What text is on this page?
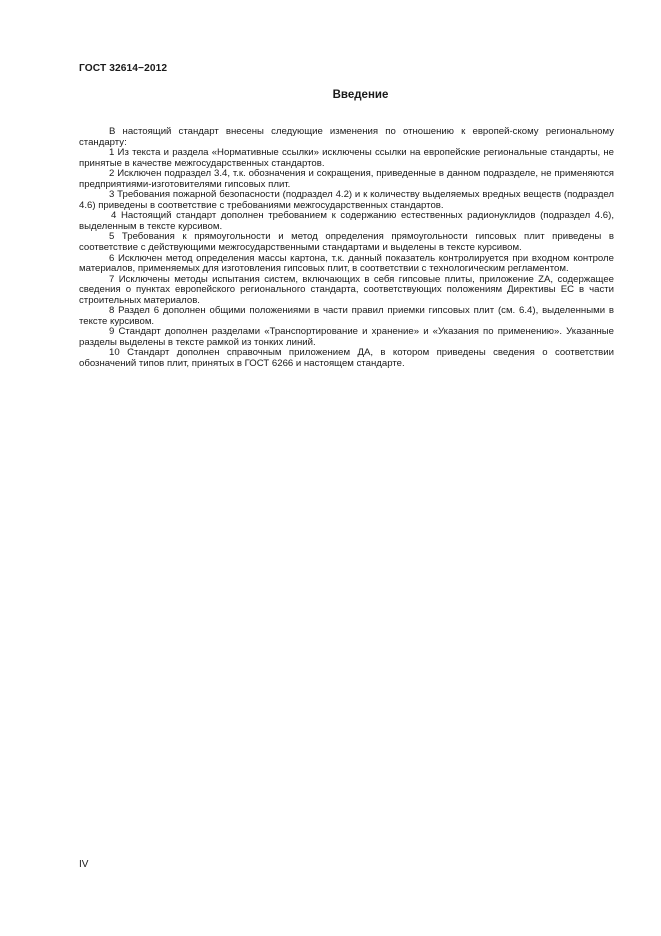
ГОСТ 32614−2012
Введение

В настоящий стандарт внесены следующие изменения по отношению к европей-скому региональному стандарту:

1 Из текста и раздела «Нормативные ссылки» исключены ссылки на европейские региональные стандарты, не принятые в качестве межгосударственных стандартов.

2 Исключен подраздел 3.4, т.к. обозначения и сокращения, приведенные в данном подразделе, не применяются предприятиями-изготовителями гипсовых плит.

3 Требования пожарной безопасности (подраздел 4.2) и к количеству выделяемых вредных веществ (подраздел 4.6) приведены в соответствие с требованиями межгосударственных стандартов.

4 Настоящий стандарт дополнен требованием к содержанию естественных радионуклидов (подраздел 4.6), выделенным в тексте курсивом.

5 Требования к прямоугольности и метод определения прямоугольности гипсовых плит приведены в соответствие с действующими межгосударственными стандартами и выделены в тексте курсивом.

6 Исключен метод определения массы картона, т.к. данный показатель контролируется при входном контроле материалов, применяемых для изготовления гипсовых плит, в соответствии с технологическим регламентом.

7 Исключены методы испытания систем, включающих в себя гипсовые плиты, приложение ZA, содержащее сведения о пунктах европейского регионального стандарта, соответствующих положениям Директивы ЕС в части строительных материалов.

8 Раздел 6 дополнен общими положениями в части правил приемки гипсовых плит (см. 6.4), выделенными в тексте курсивом.

9 Стандарт дополнен разделами «Транспортирование и хранение» и «Указания по применению». Указанные разделы выделены в тексте рамкой из тонких линий.

10 Стандарт дополнен справочным приложением ДА, в котором приведены сведения о соответствии обозначений типов плит, принятых в ГОСТ 6266 и настоящем стандарте.

IV
